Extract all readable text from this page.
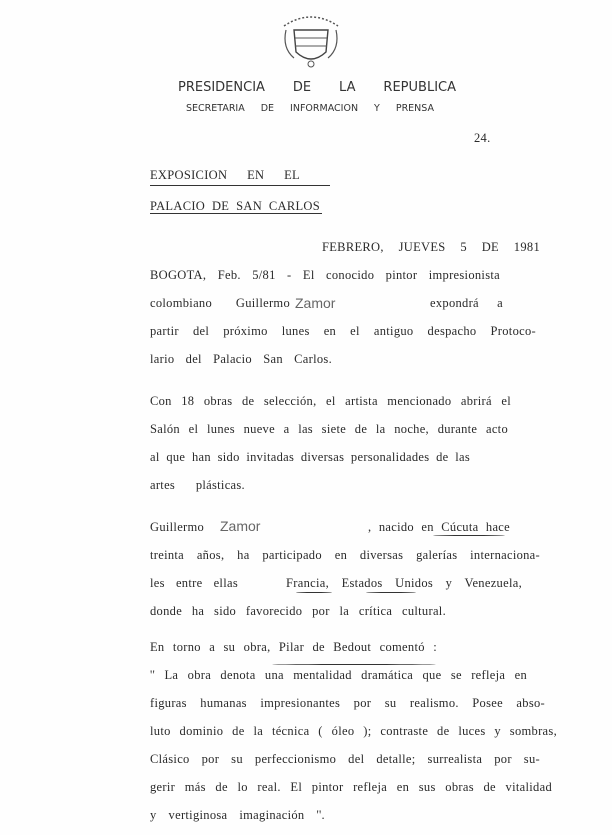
PRESIDENCIA DE LA REPUBLICA
SECRETARIA DE INFORMACION Y PRENSA
24.
EXPOSICION EN EL
PALACIO DE SAN CARLOS
FEBRERO, JUEVES 5 DE 1981
BOGOTA, Feb. 5/81 - El conocido pintor impresionista
colombiano Guillermo Zamor	expondrá a
partir del próximo lunes en el antiguo despacho Protoco-
lario del Palacio San Carlos.
Con 18 obras de selección, el artista mencionado abrirá el
Salón el lunes nueve a las siete de la noche, durante acto
al que han sido invitadas diversas personalidades de las
artes plásticas.
Guillermo	Zamor	, nacido en Cúcuta hace
treinta años, ha participado en diversas galerías internaciona-
les entre ellas	Francia, Estados Unidos y Venezuela,
donde ha sido favorecido por la crítica cultural.
En torno a su obra, Pilar de Bedout comentó :
'' La obra denota una mentalidad dramática que se refleja en
figuras humanas impresionantes por su realismo. Posee abso-
luto dominio de la técnica ( óleo ); contraste de luces y sombras,
Clásico por su perfeccionismo del detalle; surrealista por su-
gerir más de lo real. El pintor refleja en sus obras de vitalidad
y vertiginosa imaginación ''.
